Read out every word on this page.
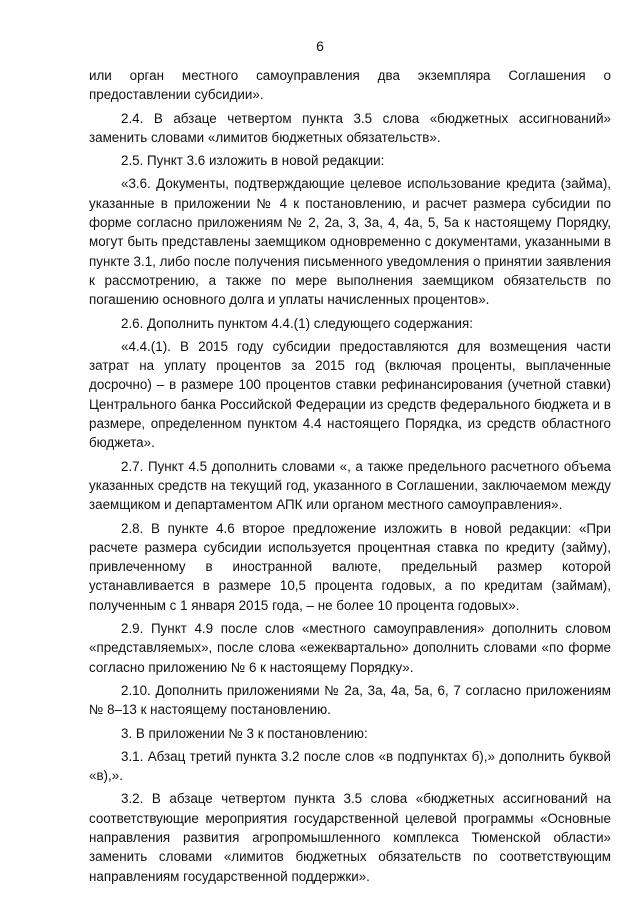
6

или орган местного самоуправления два экземпляра Соглашения о предоставлении субсидии».

2.4. В абзаце четвертом пункта 3.5 слова «бюджетных ассигнований» заменить словами «лимитов бюджетных обязательств».

2.5. Пункт 3.6 изложить в новой редакции:

«3.6. Документы, подтверждающие целевое использование кредита (займа), указанные в приложении № 4 к постановлению, и расчет размера субсидии по форме согласно приложениям № 2, 2а, 3, 3а, 4, 4а, 5, 5а к настоящему Порядку, могут быть представлены заемщиком одновременно с документами, указанными в пункте 3.1, либо после получения письменного уведомления о принятии заявления к рассмотрению, а также по мере выполнения заемщиком обязательств по погашению основного долга и уплаты начисленных процентов».

2.6. Дополнить пунктом 4.4.(1) следующего содержания:

«4.4.(1). В 2015 году субсидии предоставляются для возмещения части затрат на уплату процентов за 2015 год (включая проценты, выплаченные досрочно) – в размере 100 процентов ставки рефинансирования (учетной ставки) Центрального банка Российской Федерации из средств федерального бюджета и в размере, определенном пунктом 4.4 настоящего Порядка, из средств областного бюджета».

2.7. Пункт 4.5 дополнить словами «, а также предельного расчетного объема указанных средств на текущий год, указанного в Соглашении, заключаемом между заемщиком и департаментом АПК или органом местного самоуправления».

2.8. В пункте 4.6 второе предложение изложить в новой редакции: «При расчете размера субсидии используется процентная ставка по кредиту (займу), привлеченному в иностранной валюте, предельный размер которой устанавливается в размере 10,5 процента годовых, а по кредитам (займам), полученным с 1 января 2015 года, – не более 10 процента годовых».

2.9. Пункт 4.9 после слов «местного самоуправления» дополнить словом «представляемых», после слова «ежеквартально» дополнить словами «по форме согласно приложению № 6 к настоящему Порядку».

2.10. Дополнить приложениями № 2а, 3а, 4а, 5а, 6, 7 согласно приложениям № 8–13 к настоящему постановлению.

3. В приложении № 3 к постановлению:

3.1. Абзац третий пункта 3.2 после слов «в подпунктах б),» дополнить буквой «в),».

3.2. В абзаце четвертом пункта 3.5 слова «бюджетных ассигнований на соответствующие мероприятия государственной целевой программы «Основные направления развития агропромышленного комплекса Тюменской области» заменить словами «лимитов бюджетных обязательств по соответствующим направлениям государственной поддержки».
